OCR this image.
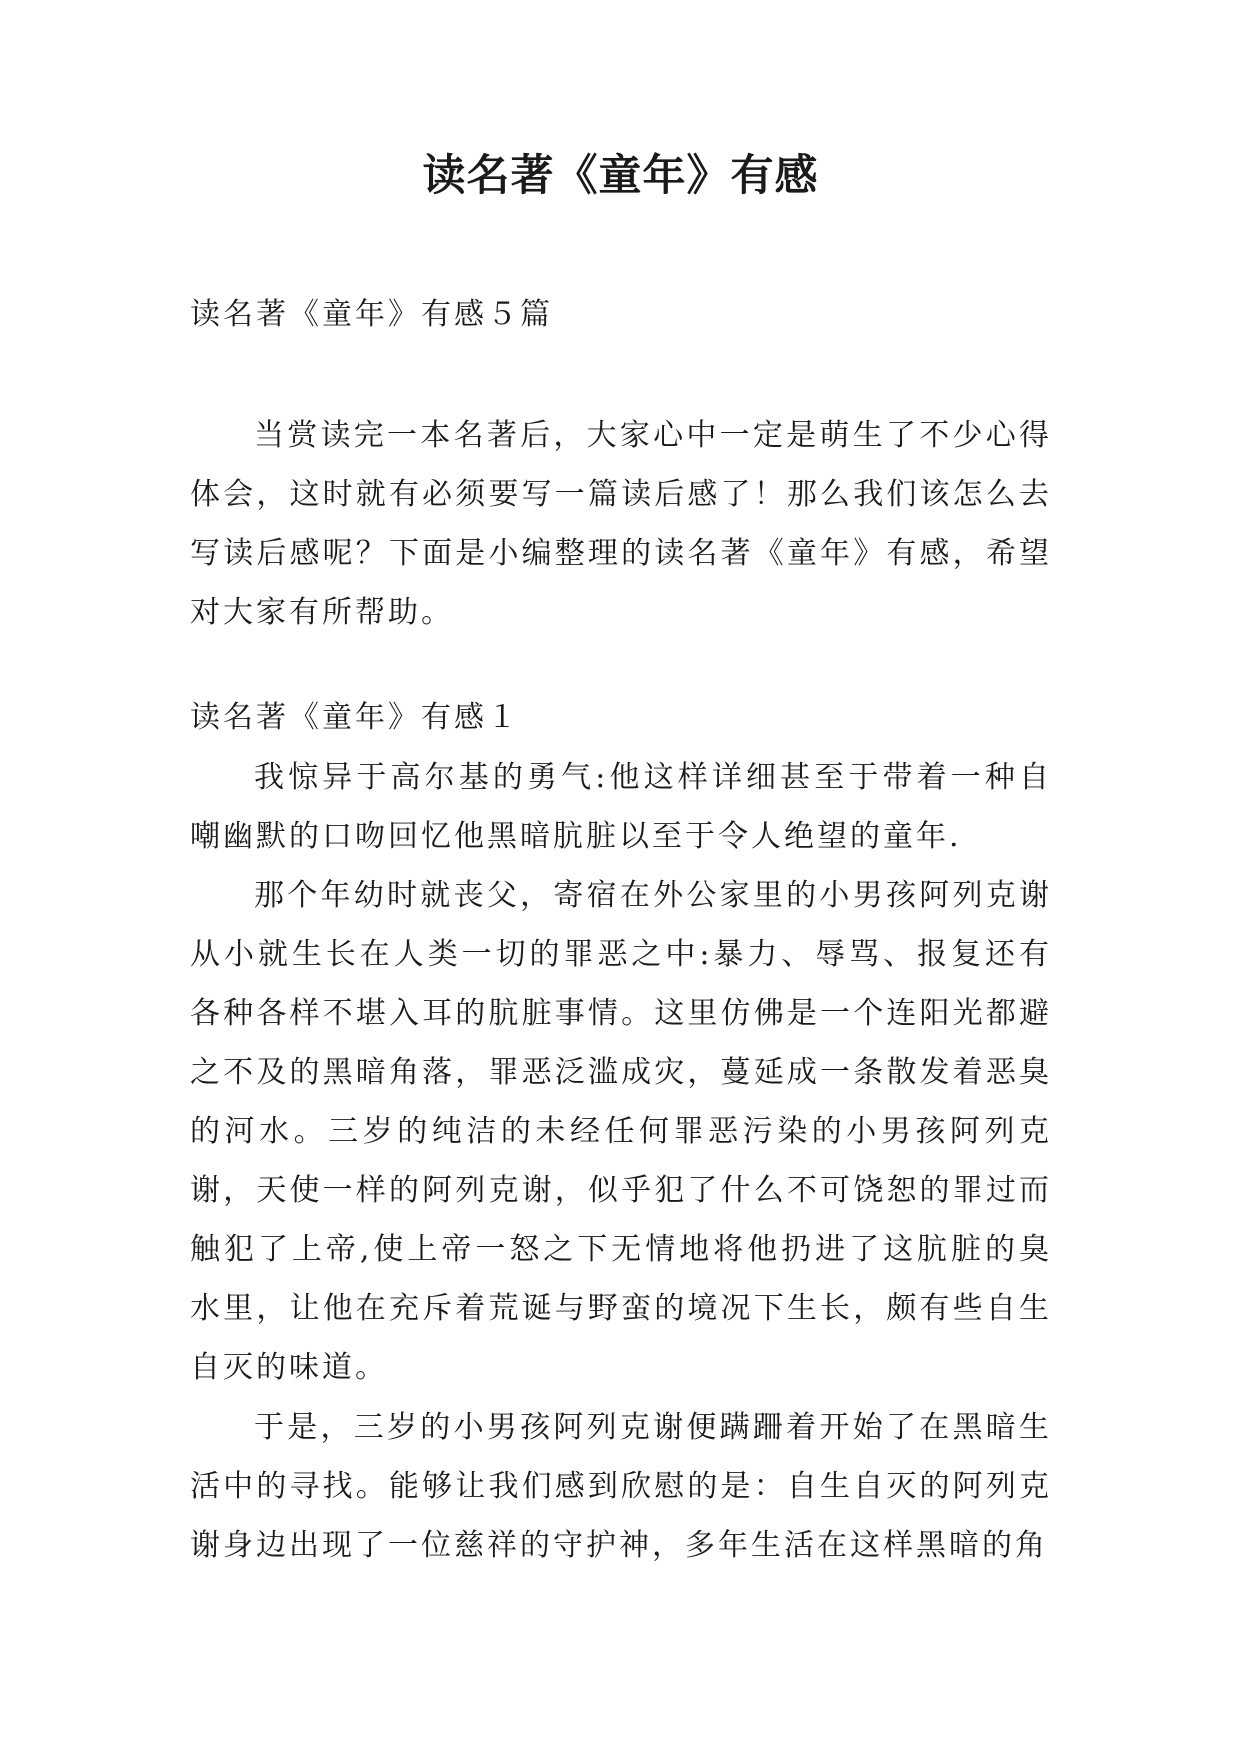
读名著《童年》有感

读名著《童年》有感５篇

当赏读完一本名著后，大家心中一定是萌生了不少心得体会，这时就有必须要写一篇读后感了！那么我们该怎么去写读后感呢？下面是小编整理的读名著《童年》有感，希望对大家有所帮助。

读名著《童年》有感１

我惊异于高尔基的勇气:他这样详细甚至于带着一种自嘲幽默的口吻回忆他黑暗肮脏以至于令人绝望的童年.

那个年幼时就丧父，寄宿在外公家里的小男孩阿列克谢从小就生长在人类一切的罪恶之中:暴力、辱骂、报复还有各种各样不堪入耳的肮脏事情。这里仿佛是一个连阳光都避之不及的黑暗角落，罪恶泛滥成灾，蔓延成一条散发着恶臭的河水。三岁的纯洁的未经任何罪恶污染的小男孩阿列克谢，天使一样的阿列克谢，似乎犯了什么不可饶恕的罪过而触犯了上帝,使上帝一怒之下无情地将他扔进了这肮脏的臭水里，让他在充斥着荒诞与野蛮的境况下生长，颇有些自生自灭的味道。

于是，三岁的小男孩阿列克谢便蹒跚着开始了在黑暗生活中的寻找。能够让我们感到欣慰的是：自生自灭的阿列克谢身边出现了一位慈祥的守护神，多年生活在这样黑暗的角
